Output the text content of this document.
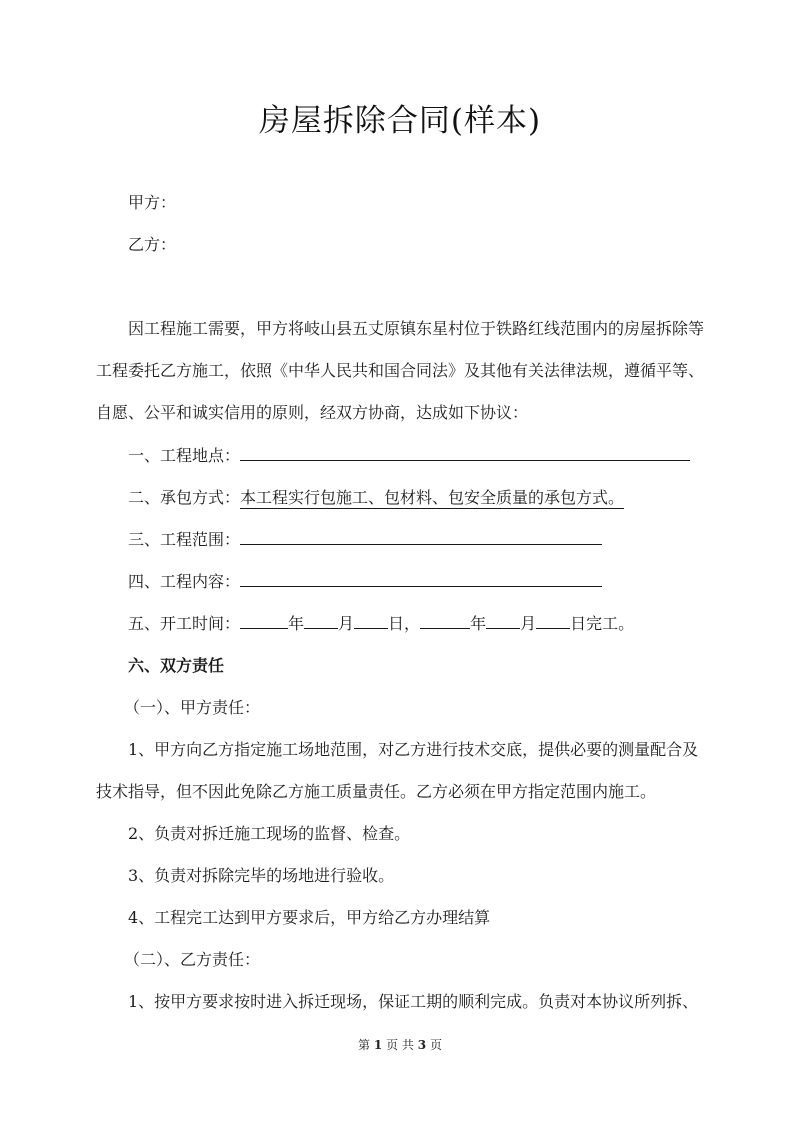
房屋拆除合同(样本)
甲方：
乙方：
因工程施工需要，甲方将岐山县五丈原镇东星村位于铁路红线范围内的房屋拆除等
工程委托乙方施工，依照《中华人民共和国合同法》及其他有关法律法规，遵循平等、
自愿、公平和诚实信用的原则，经双方协商，达成如下协议：
一、工程地点：
二、承包方式：本工程实行包施工、包材料、包安全质量的承包方式。
三、工程范围：
四、工程内容：
五、开工时间：	年 月 日，	年 月 日完工。
六、双方责任
（一）、甲方责任：
1、甲方向乙方指定施工场地范围，对乙方进行技术交底，提供必要的测量配合及
技术指导，但不因此免除乙方施工质量责任。乙方必须在甲方指定范围内施工。
2、负责对拆迁施工现场的监督、检查。
3、负责对拆除完毕的场地进行验收。
4、工程完工达到甲方要求后，甲方给乙方办理结算
（二）、乙方责任：
1、按甲方要求按时进入拆迁现场，保证工期的顺利完成。负责对本协议所列拆、
第 1 页 共 3 页
